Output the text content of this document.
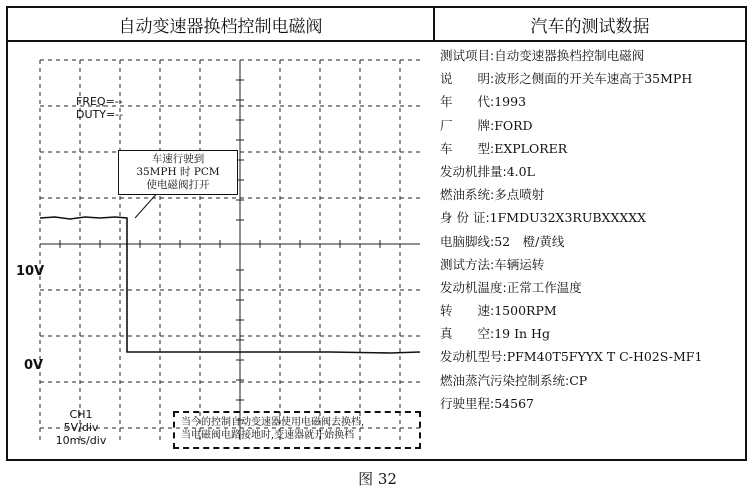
自动变速器换档控制电磁阀	汽车的测试数据
FREQ=--
DUTY=--
车速行驶到
35MPH 时 PCM
使电磁阀打开
10V
0V
CH1
5V/div
10ms/div
当今的控制自动变速器使用电磁阀去换档,
当电磁阀电路接地时,变速器就开始换档
测试项目:自动变速器换档控制电磁阀
说　　明:波形之侧面的开关车速高于35MPH
年　　代:1993
厂　　牌:FORD
车　　型:EXPLORER
发动机排量:4.0L
燃油系统:多点喷射
身 份 证:1FMDU32X3RUBXXXXX
电脑脚线:52　橙/黄线
测试方法:车辆运转
发动机温度:正常工作温度
转　　速:1500RPM
真　　空:19 In Hg
发动机型号:PFM40T5FYYX T C-H02S-MF1
燃油蒸汽污染控制系统:CP
行驶里程:54567
图 32
